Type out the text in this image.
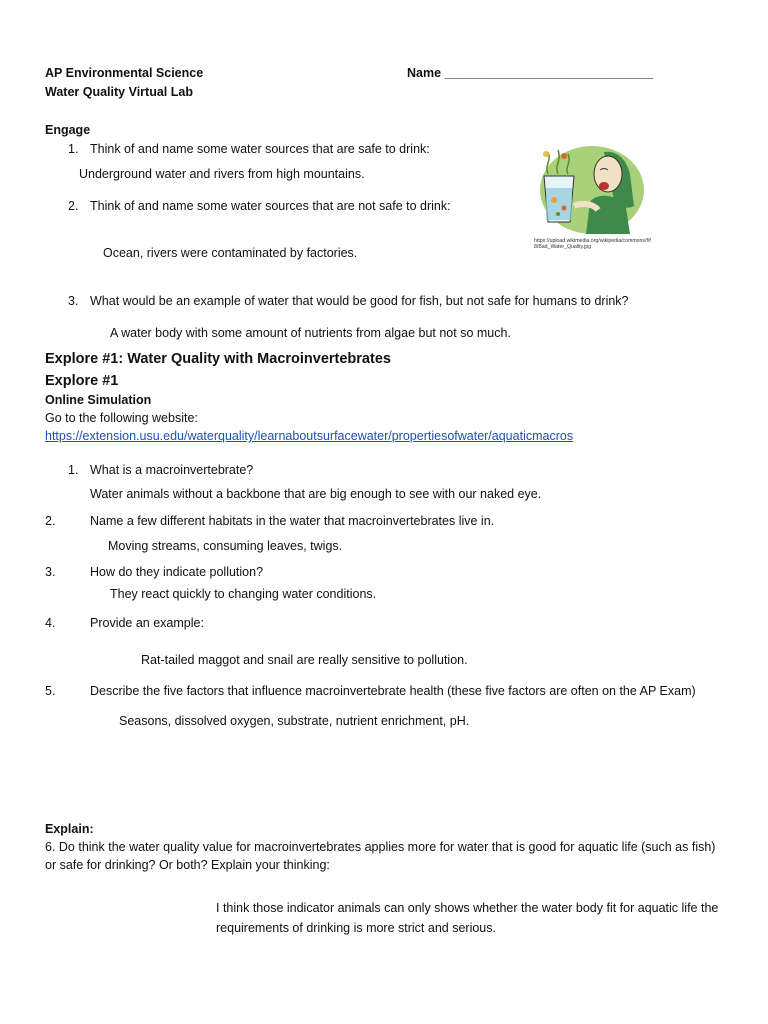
AP Environmental Science
Water Quality Virtual Lab
Name ______________________________
Engage
1. Think of and name some water sources that are safe to drink:
Underground water and rivers from high mountains.
2. Think of and name some water sources that are not safe to drink:
Ocean, rivers were contaminated by factories.
https://upload.wikimedia.org/wikipedia/commons/f/f8/Bad_Water_Quality.jpg
3. What would be an example of water that would be good for fish, but not safe for humans to drink?
A water body with some amount of nutrients from algae but not so much.
Explore #1: Water Quality with Macroinvertebrates
Explore #1
Online Simulation
Go to the following website:
https://extension.usu.edu/waterquality/learnaboutsurfacewater/propertiesofwater/aquaticmacros
1. What is a macroinvertebrate?
Water animals without a backbone that are big enough to see with our naked eye.
2.	Name a few different habitats in the water that macroinvertebrates live in.
Moving streams, consuming leaves, twigs.
3.	How do they indicate pollution?
They react quickly to changing water conditions.
4.	Provide an example:
Rat-tailed maggot and snail are really sensitive to pollution.
5.	Describe the five factors that influence macroinvertebrate health (these five factors are often on the AP Exam)
Seasons, dissolved oxygen, substrate, nutrient enrichment, pH.
Explain:
6. Do think the water quality value for macroinvertebrates applies more for water that is good for aquatic life (such as fish)
or safe for drinking? Or both? Explain your thinking:
I think those indicator animals can only shows whether the water body fit for aquatic life the
requirements of drinking is more strict and serious.
